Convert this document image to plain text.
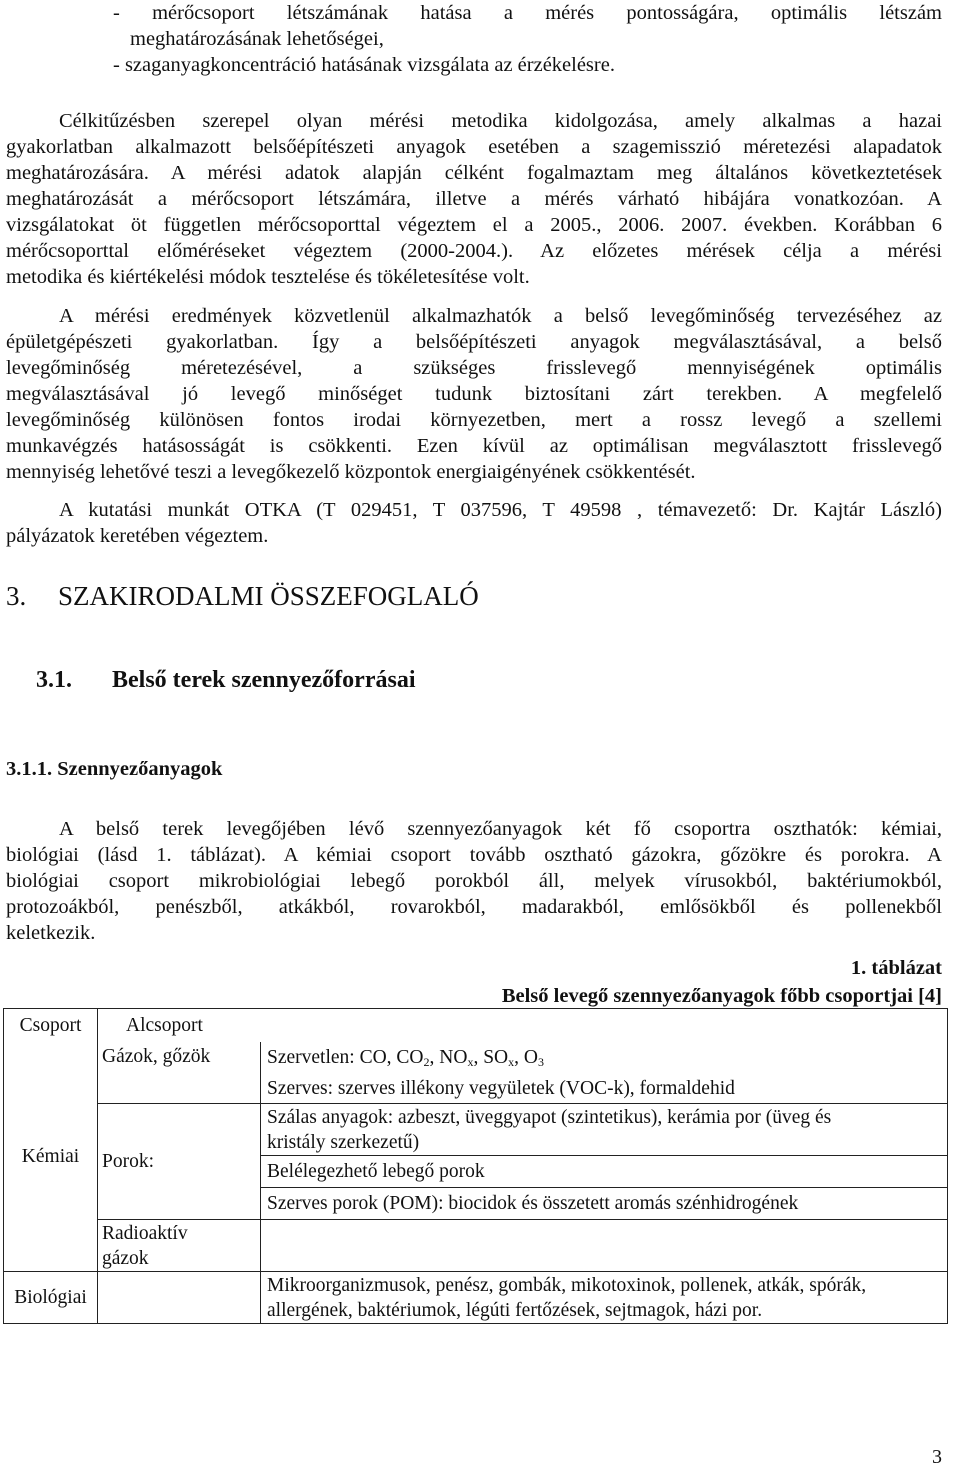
- mérőcsoport létszámának hatása a mérés pontosságára, optimális létszám
meghatározásának lehetőségei,
- szaganyagkoncentráció hatásának vizsgálata az érzékelésre.
Célkitűzésben szerepel olyan mérési metodika kidolgozása, amely alkalmas a hazai
gyakorlatban alkalmazott belsőépítészeti anyagok esetében a szagemisszió méretezési alapadatok
meghatározására. A mérési adatok alapján célként fogalmaztam meg általános következtetések
meghatározását a mérőcsoport létszámára, illetve a mérés várható hibájára vonatkozóan. A
vizsgálatokat öt független mérőcsoporttal végeztem el a 2005., 2006. 2007. években. Korábban 6
mérőcsoporttal előméréseket végeztem (2000-2004.). Az előzetes mérések célja a mérési
metodika és kiértékelési módok tesztelése és tökéletesítése volt.
A mérési eredmények közvetlenül alkalmazhatók a belső levegőminőség tervezéséhez az
épületgépészeti gyakorlatban. Így a belsőépítészeti anyagok megválasztásával, a belső
levegőminőség méretezésével, a szükséges frisslevegő mennyiségének optimális
megválasztásával jó levegő minőséget tudunk biztosítani zárt terekben. A megfelelő
levegőminőség különösen fontos irodai környezetben, mert a rossz levegő a szellemi
munkavégzés hatásosságát is csökkenti. Ezen kívül az optimálisan megválasztott frisslevegő
mennyiség lehetővé teszi a levegőkezelő központok energiaigényének csökkentését.
A kutatási munkát OTKA (T 029451, T 037596, T 49598 , témavezető: Dr. Kajtár László)
pályázatok keretében végeztem.
3. SZAKIRODALMI ÖSSZEFOGLALÓ
3.1. Belső terek szennyezőforrásai
3.1.1. Szennyezőanyagok
A belső terek levegőjében lévő szennyezőanyagok két fő csoportra oszthatók: kémiai,
biológiai (lásd 1. táblázat). A kémiai csoport tovább osztható gázokra, gőzökre és porokra. A
biológiai csoport mikrobiológiai lebegő porokból áll, melyek vírusokból, baktériumokból,
protozoákból, penészből, atkákból, rovarokból, madarakból, emlősökből és pollenekből
keletkezik.
1. táblázat
Belső levegő szennyezőanyagok főbb csoportjai [4]
Csoport	Alcsoport	
Kémiai	Gázok, gőzök	Szervetlen: CO, $CO_2$, $NO_x$, $SO_x$, $O_3$
		Szerves: szerves illékony vegyületek (VOC-k), formaldehid
	Porok:	Szálas anyagok: azbeszt, üveggyapot (szintetikus), kerámia por (üveg és
kristály szerkezetű)

		Belélegezhető lebegő porok
		Szerves porok (POM): biocidok és összetett aromás szénhidrogének

	Radioaktív
gázok	

Biológiai		Mikroorganizmusok, penész, gombák, mikotoxinok, pollenek, atkák, spórák,
allergének, baktériumok, légúti fertőzések, sejtmagok, házi por.
3
